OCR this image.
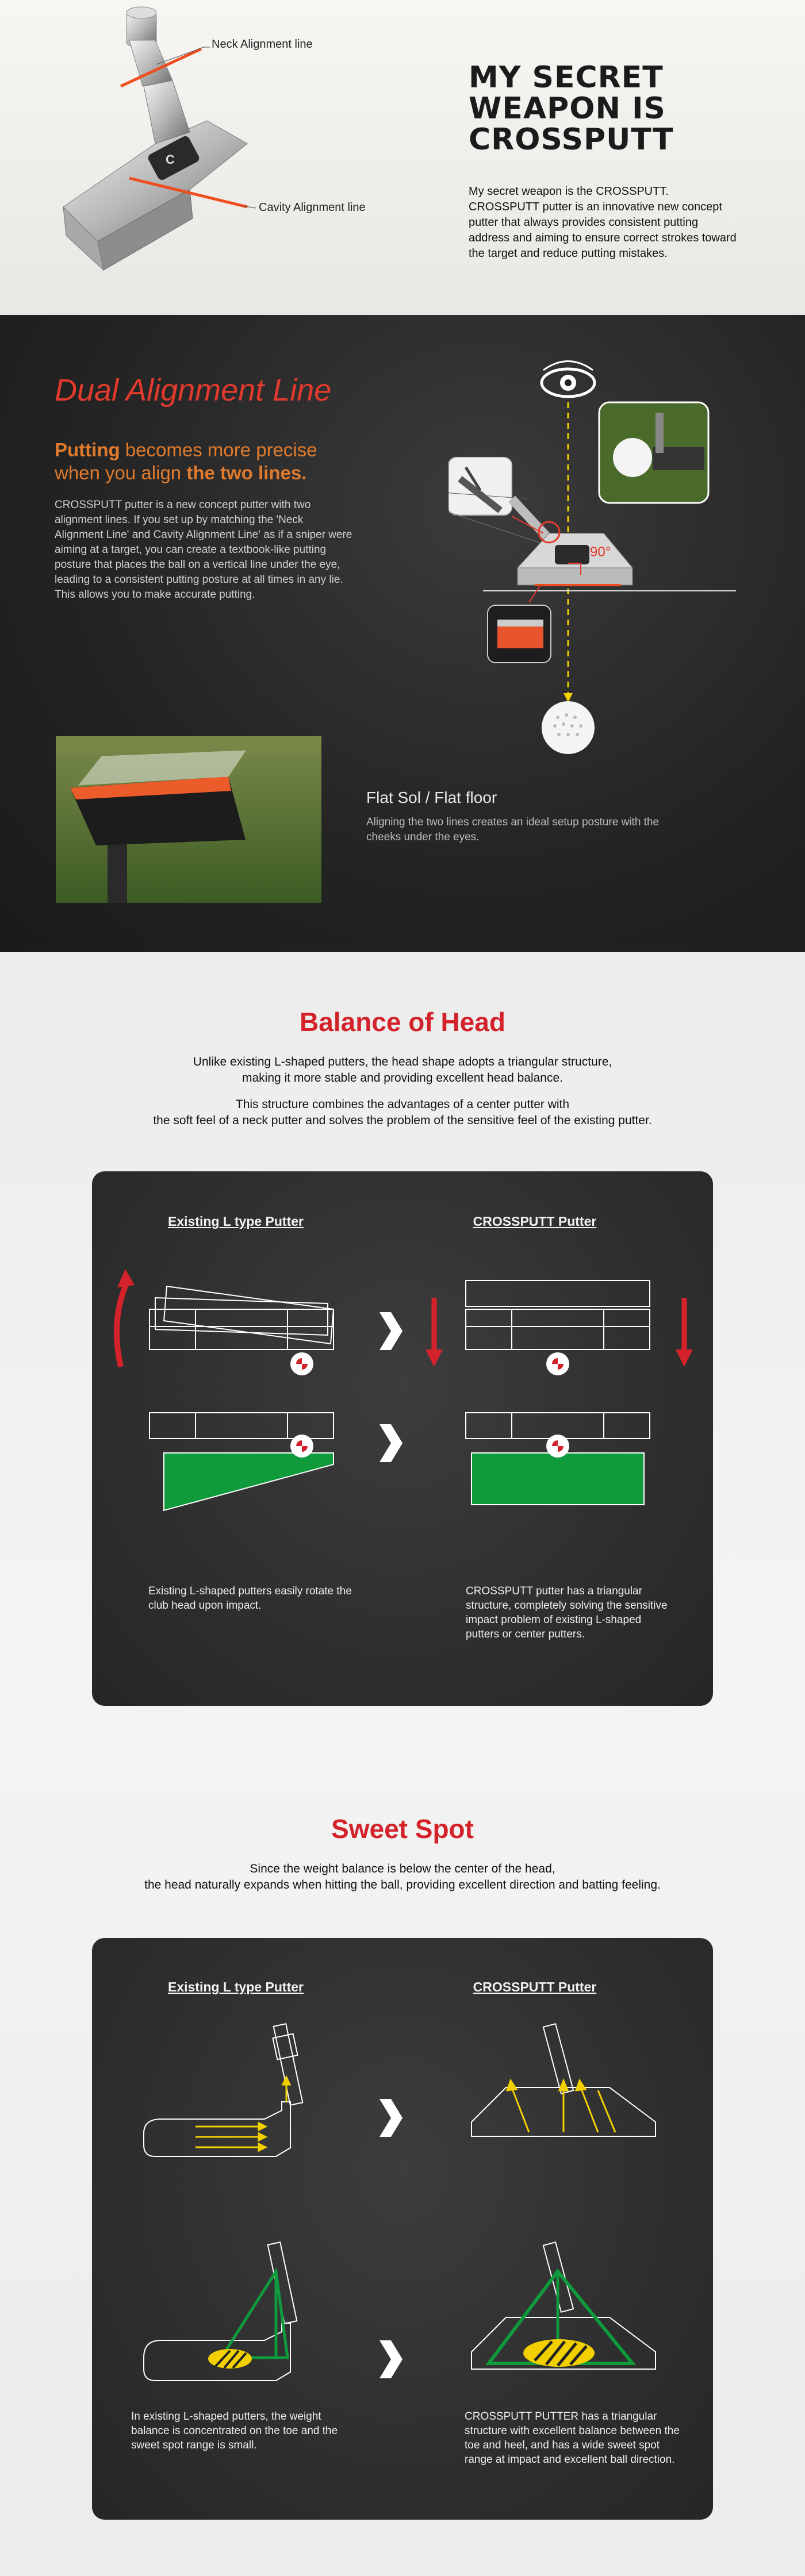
C
Neck Alignment line
Cavity Alignment line
MY SECRET
WEAPON IS
CROSSPUTT
My secret weapon is the CROSSPUTT. CROSSPUTT putter is an innovative new concept putter that always provides consistent putting address and aiming to ensure correct strokes toward the target and reduce putting mistakes.
Dual Alignment Line
Putting becomes more precise
when you align the two lines.
CROSSPUTT putter is a new concept putter with two alignment lines. If you set up by matching the 'Neck Alignment Line' and Cavity Alignment Line' as if a sniper were aiming at a target, you can create a textbook-like putting posture that places the ball on a vertical line under the eye, leading to a consistent putting posture at all times in any lie. This allows you to make accurate putting.
90°
Flat Sol / Flat floor
Aligning the two lines creates an ideal setup posture with the cheeks under the eyes.
Balance of Head
Unlike existing L-shaped putters, the head shape adopts a triangular structure,
making it more stable and providing excellent head balance.
This structure combines the advantages of a center putter with
the soft feel of a neck putter and solves the problem of the sensitive feel of the existing putter.
Existing L type Putter	CROSSPUTT Putter
Existing L-shaped putters easily rotate the club head upon impact.
CROSSPUTT putter has a triangular structure, completely solving the sensitive impact problem of existing L-shaped putters or center putters.
Sweet Spot
Since the weight balance is below the center of the head,
the head naturally expands when hitting the ball, providing excellent direction and batting feeling.
Existing L type Putter	CROSSPUTT Putter
In existing L-shaped putters, the weight balance is concentrated on the toe and the sweet spot range is small.
CROSSPUTT PUTTER has a triangular structure with excellent balance between the toe and heel, and has a wide sweet spot range at impact and excellent ball direction.
